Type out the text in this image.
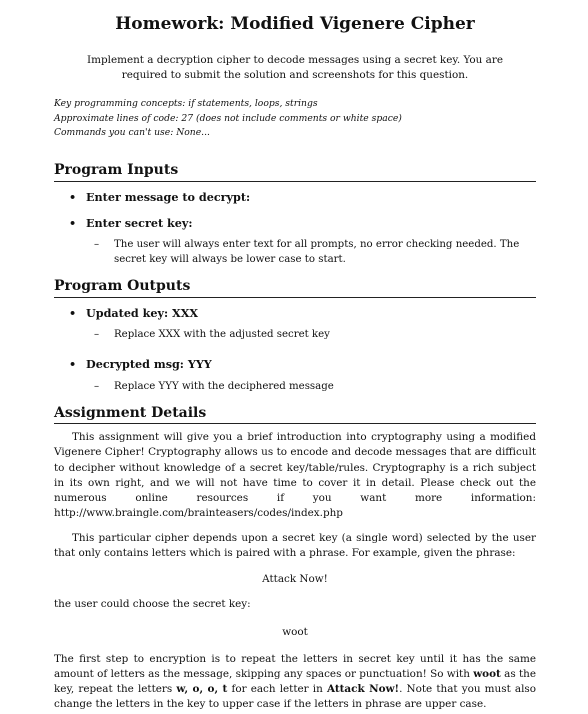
Homework: Modified Vigenere Cipher
Implement a decryption cipher to decode messages using a secret key. You are required to submit the solution and screenshots for this question.
Key programming concepts: if statements, loops, strings
Approximate lines of code: 27 (does not include comments or white space)
Commands you can't use: None...
Program Inputs
• Enter message to decrypt:
• Enter secret key:
– The user will always enter text for all prompts, no error checking needed. The secret key will always be lower case to start.
Program Outputs
• Updated key: XXX
– Replace XXX with the adjusted secret key
• Decrypted msg: YYY
– Replace YYY with the deciphered message
Assignment Details

This assignment will give you a brief introduction into cryptography using a modified Vigenere Cipher! Cryptography allows us to encode and decode messages that are difficult to decipher without knowledge of a secret key/table/rules. Cryptography is a rich subject in its own right, and we will not have time to cover it in detail. Please check out the numerous online resources if you want more information: http://www.braingle.com/brainteasers/codes/index.php

This particular cipher depends upon a secret key (a single word) selected by the user that only contains letters which is paired with a phrase. For example, given the phrase:

Attack Now!

the user could choose the secret key:

woot

The first step to encryption is to repeat the letters in secret key until it has the same amount of letters as the message, skipping any spaces or punctuation! So with woot as the key, repeat the letters w, o, o, t for each letter in Attack Now!. Note that you must also change the letters in the key to upper case if the letters in phrase are upper case.
